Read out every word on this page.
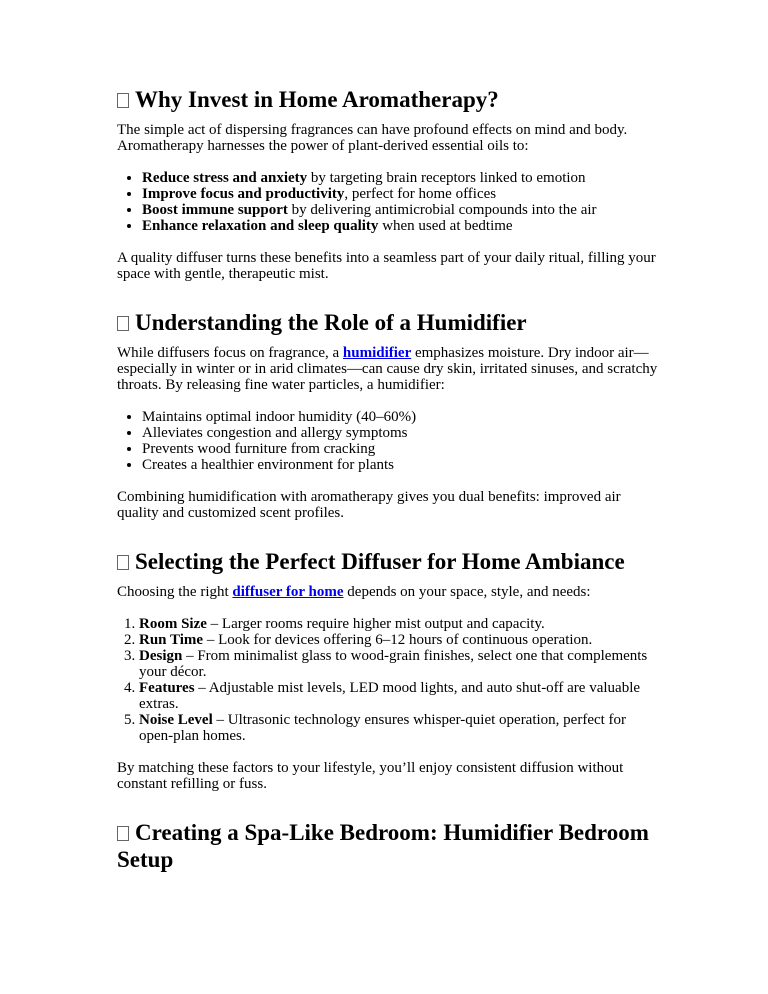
Why Invest in Home Aromatherapy?

The simple act of dispersing fragrances can have profound effects on mind and body. Aromatherapy harnesses the power of plant-derived essential oils to:

• Reduce stress and anxiety by targeting brain receptors linked to emotion
• Improve focus and productivity, perfect for home offices
• Boost immune support by delivering antimicrobial compounds into the air
• Enhance relaxation and sleep quality when used at bedtime

A quality diffuser turns these benefits into a seamless part of your daily ritual, filling your space with gentle, therapeutic mist.

Understanding the Role of a Humidifier

While diffusers focus on fragrance, a humidifier emphasizes moisture. Dry indoor air—especially in winter or in arid climates—can cause dry skin, irritated sinuses, and scratchy throats. By releasing fine water particles, a humidifier:

• Maintains optimal indoor humidity (40–60%)
• Alleviates congestion and allergy symptoms
• Prevents wood furniture from cracking
• Creates a healthier environment for plants

Combining humidification with aromatherapy gives you dual benefits: improved air quality and customized scent profiles.

Selecting the Perfect Diffuser for Home Ambiance

Choosing the right diffuser for home depends on your space, style, and needs:

1. Room Size – Larger rooms require higher mist output and capacity.
2. Run Time – Look for devices offering 6–12 hours of continuous operation.
3. Design – From minimalist glass to wood-grain finishes, select one that complements your décor.
4. Features – Adjustable mist levels, LED mood lights, and auto shut-off are valuable extras.
5. Noise Level – Ultrasonic technology ensures whisper-quiet operation, perfect for open-plan homes.

By matching these factors to your lifestyle, you’ll enjoy consistent diffusion without constant refilling or fuss.

Creating a Spa-Like Bedroom: Humidifier Bedroom Setup
